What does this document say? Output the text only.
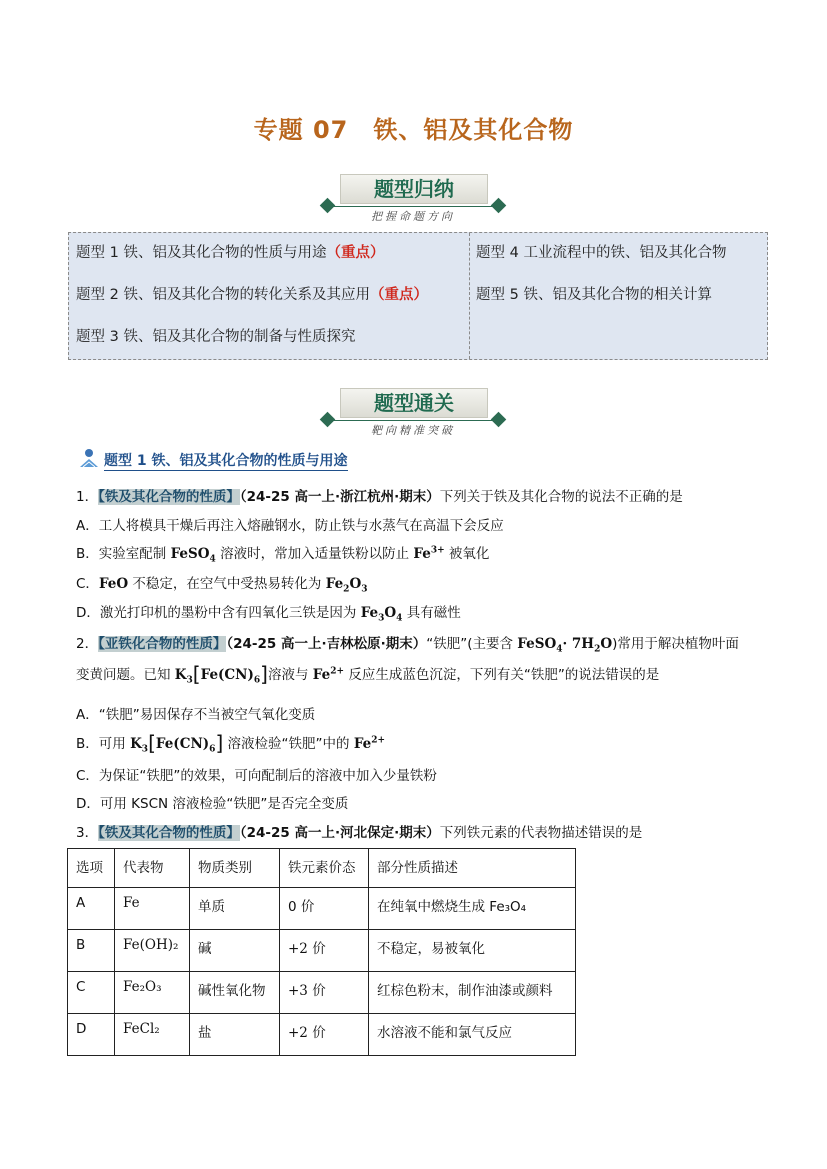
专题 07　铁、铝及其化合物
题型归纳
把握命题方向
题型 1 铁、铝及其化合物的性质与用途（重点）
题型 2 铁、铝及其化合物的转化关系及其应用（重点）
题型 3 铁、铝及其化合物的制备与性质探究
题型 4 工业流程中的铁、铝及其化合物
题型 5 铁、铝及其化合物的相关计算
题型通关
靶向精准突破
题型 1 铁、铝及其化合物的性质与用途
1．【铁及其化合物的性质】（24-25 高一上·浙江杭州·期末）下列关于铁及其化合物的说法不正确的是
A．工人将模具干燥后再注入熔融钢水，防止铁与水蒸气在高温下会反应
B．实验室配制 FeSO$_4$ 溶液时，常加入适量铁粉以防止 $Fe^{3+}$ 被氧化
C．FeO 不稳定，在空气中受热易转化为 $Fe_2O_3$
D．激光打印机的墨粉中含有四氧化三铁是因为 $Fe_3O_4$ 具有磁性
2．【亚铁化合物的性质】（24-25 高一上·吉林松原·期末）“铁肥”(主要含 FeSO$_4$· $7H_2O$)常用于解决植物叶面
变黄问题。已知 $K_3[Fe(CN)_6]$溶液与 $Fe^{2+}$ 反应生成蓝色沉淀，下列有关“铁肥”的说法错误的是
A．“铁肥”易因保存不当被空气氧化变质
B．可用 $K_3[Fe(CN)_6]$ 溶液检验“铁肥”中的 $Fe^{2+}$
C．为保证“铁肥”的效果，可向配制后的溶液中加入少量铁粉
D．可用 KSCN 溶液检验“铁肥”是否完全变质
3．【铁及其化合物的性质】（24-25 高一上·河北保定·期末）下列铁元素的代表物描述错误的是
选项	代表物	物质类别	铁元素价态	部分性质描述
A	Fe	单质	0 价	在纯氧中燃烧生成 Fe₃O₄
B	Fe(OH)₂	碱	+2 价	不稳定，易被氧化
C	Fe₂O₃	碱性氧化物	+3 价	红棕色粉末，制作油漆或颜料
D	FeCl₂	盐	+2 价	水溶液不能和氯气反应
